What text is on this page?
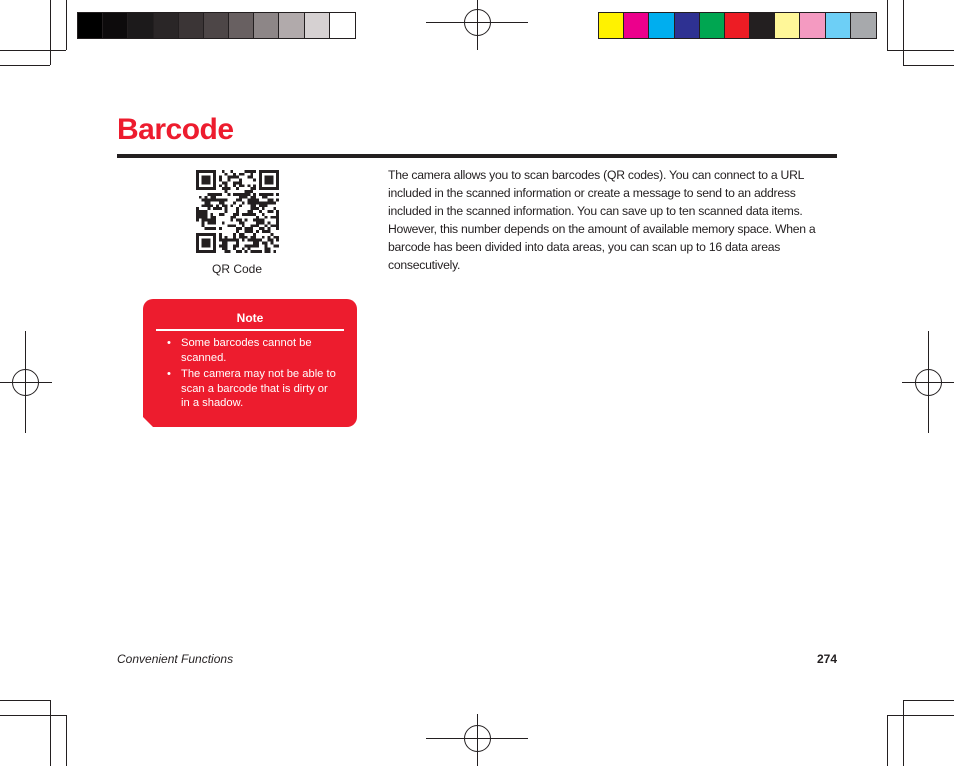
Barcode
QR Code
The camera allows you to scan barcodes (QR codes). You can connect to a URL included in the scanned information or create a message to send to an address included in the scanned information. You can save up to ten scanned data items. However, this number depends on the amount of available memory space. When a barcode has been divided into data areas, you can scan up to 16 data areas consecutively.
Note
• Some barcodes cannot be scanned.
• The camera may not be able to scan a barcode that is dirty or in a shadow.
Convenient Functions	274
